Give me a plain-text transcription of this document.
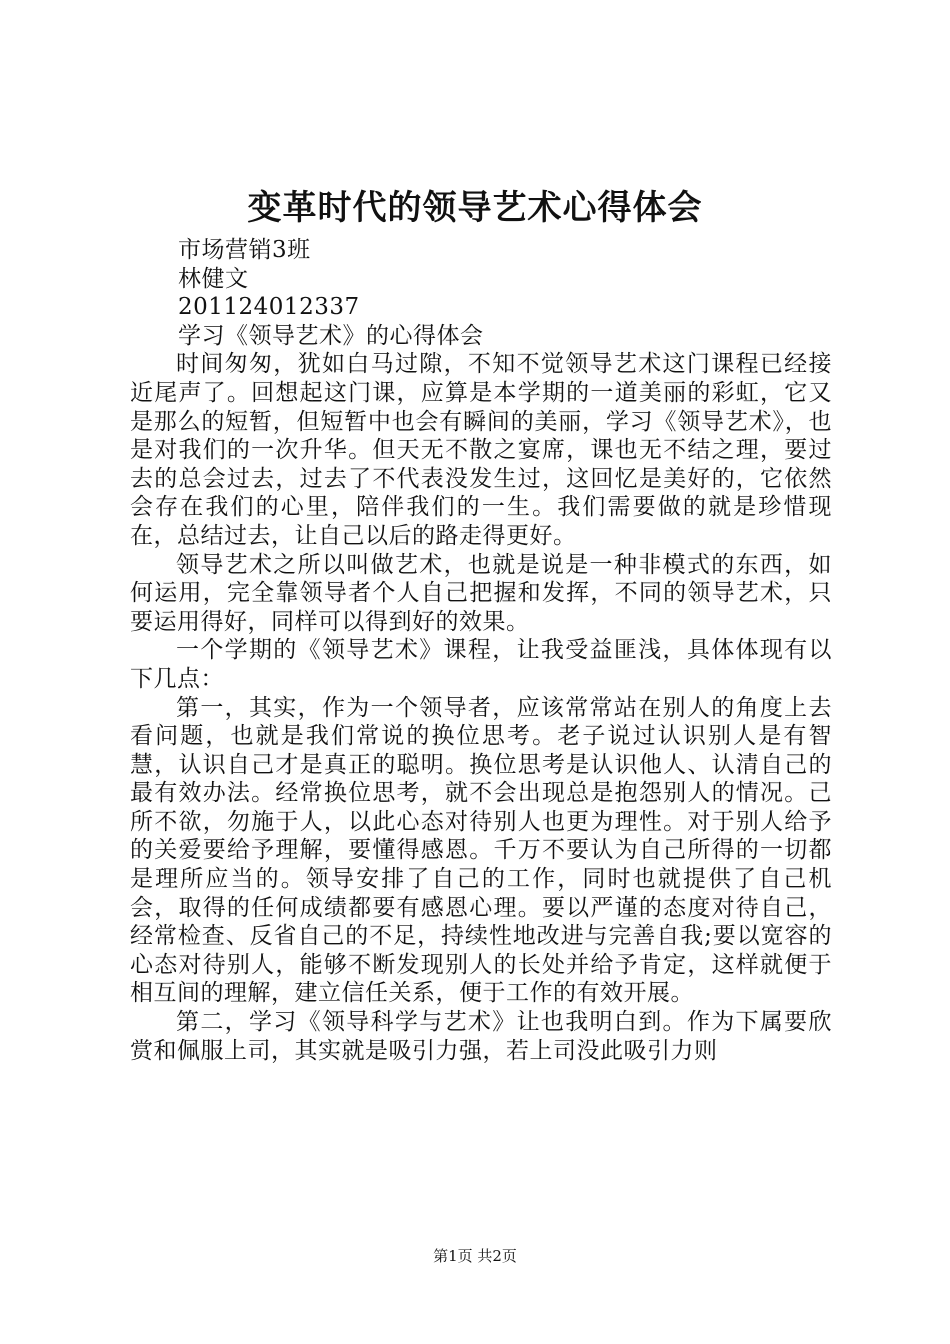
变革时代的领导艺术心得体会

市场营销3班

林健文

201124012337

学习《领导艺术》的心得体会

时间匆匆，犹如白马过隙，不知不觉领导艺术这门课程已经接近尾声了。回想起这门课，应算是本学期的一道美丽的彩虹，它又是那么的短暂，但短暂中也会有瞬间的美丽，学习《领导艺术》，也是对我们的一次升华。但天无不散之宴席，课也无不结之理，要过去的总会过去，过去了不代表没发生过，这回忆是美好的，它依然会存在我们的心里，陪伴我们的一生。我们需要做的就是珍惜现在，总结过去，让自己以后的路走得更好。

领导艺术之所以叫做艺术，也就是说是一种非模式的东西，如何运用，完全靠领导者个人自己把握和发挥，不同的领导艺术，只要运用得好，同样可以得到好的效果。

一个学期的《领导艺术》课程，让我受益匪浅，具体体现有以下几点：

第一，其实，作为一个领导者，应该常常站在别人的角度上去看问题，也就是我们常说的换位思考。老子说过认识别人是有智慧，认识自己才是真正的聪明。换位思考是认识他人、认清自己的最有效办法。经常换位思考，就不会出现总是抱怨别人的情况。己所不欲，勿施于人，以此心态对待别人也更为理性。对于别人给予的关爱要给予理解，要懂得感恩。千万不要认为自己所得的一切都是理所应当的。领导安排了自己的工作，同时也就提供了自己机会，取得的任何成绩都要有感恩心理。要以严谨的态度对待自己，经常检查、反省自己的不足，持续性地改进与完善自我;要以宽容的心态对待别人，能够不断发现别人的长处并给予肯定，这样就便于相互间的理解，建立信任关系，便于工作的有效开展。

第二，学习《领导科学与艺术》让也我明白到。作为下属要欣赏和佩服上司，其实就是吸引力强，若上司没此吸引力则

第1页 共2页
